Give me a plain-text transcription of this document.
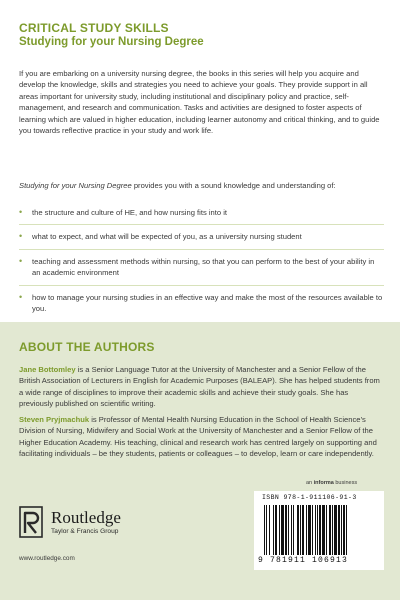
CRITICAL STUDY SKILLS
Studying for your Nursing Degree

If you are embarking on a university nursing degree, the books in this series will help you acquire and develop the knowledge, skills and strategies you need to achieve your goals. They provide support in all areas important for university study, including institutional and disciplinary policy and practice, self-management, and research and communication. Tasks and activities are designed to foster aspects of learning which are valued in higher education, including learner autonomy and critical thinking, and to guide you towards reflective practice in your study and work life.

Studying for your Nursing Degree provides you with a sound knowledge and understanding of:

• the structure and culture of HE, and how nursing fits into it
• what to expect, and what will be expected of you, as a university nursing student
• teaching and assessment methods within nursing, so that you can perform to the best of your ability in an academic environment
• how to manage your nursing studies in an effective way and make the most of the resources available to you.
ABOUT THE AUTHORS

Jane Bottomley is a Senior Language Tutor at the University of Manchester and a Senior Fellow of the British Association of Lecturers in English for Academic Purposes (BALEAP). She has helped students from a wide range of disciplines to improve their academic skills and achieve their study goals. She has previously published on scientific writing.

Steven Pryjmachuk is Professor of Mental Health Nursing Education in the School of Health Science’s Division of Nursing, Midwifery and Social Work at the University of Manchester and a Senior Fellow of the Higher Education Academy. His teaching, clinical and research work has centred largely on supporting and facilitating individuals – be they students, patients or colleagues – to develop, learn or care independently.

an informa business
ISBN 978-1-911106-91-3
9 781911 106913
Routledge
Taylor & Francis Group
www.routledge.com
